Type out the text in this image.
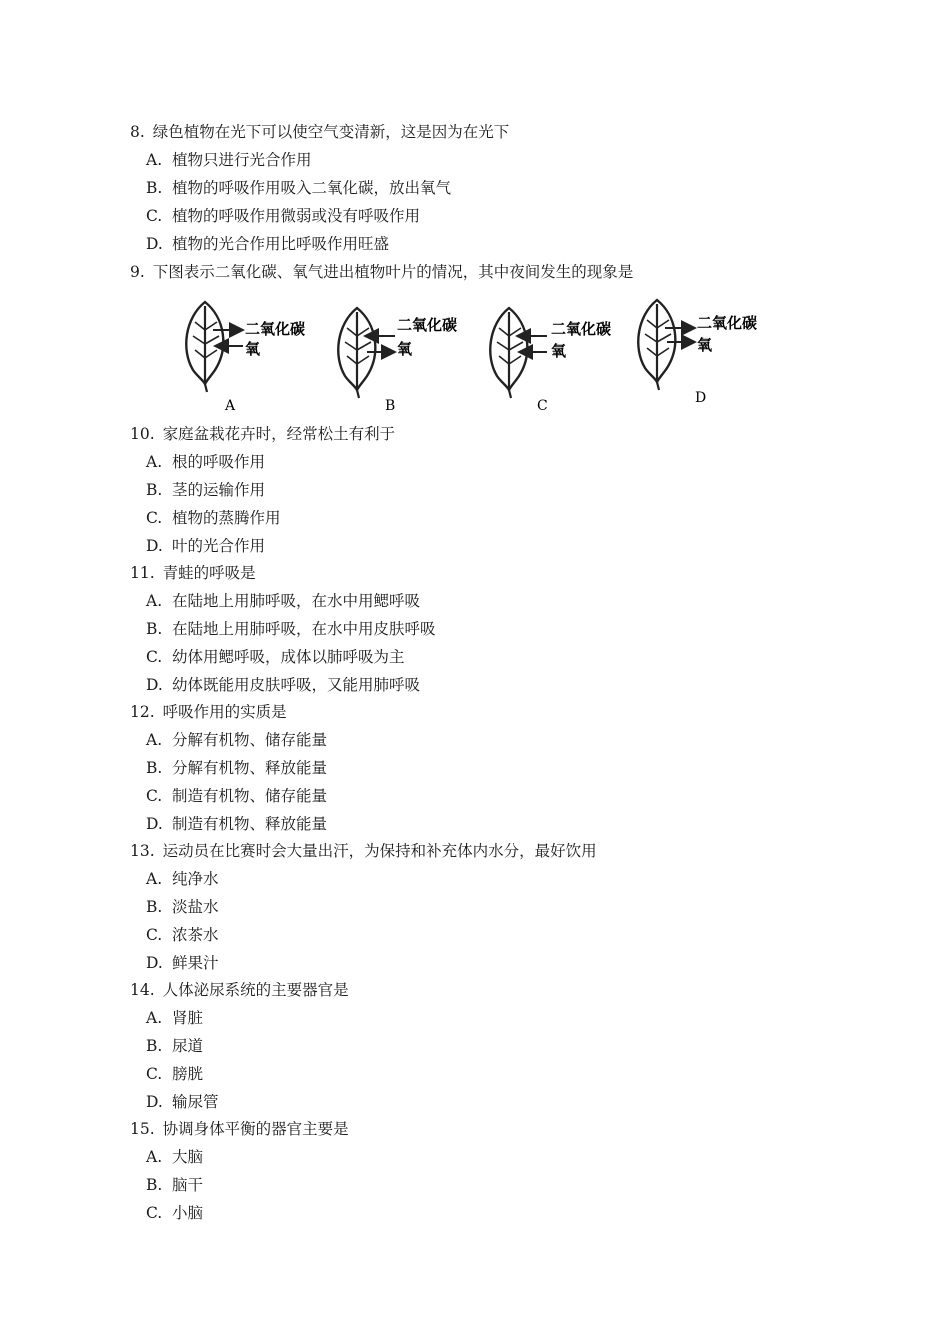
8. 绿色植物在光下可以使空气变清新，这是因为在光下
A. 植物只进行光合作用
B. 植物的呼吸作用吸入二氧化碳，放出氧气
C. 植物的呼吸作用微弱或没有呼吸作用
D. 植物的光合作用比呼吸作用旺盛
9. 下图表示二氧化碳、氧气进出植物叶片的情况，其中夜间发生的现象是
二氧化碳
氧
A
二氧化碳
氧
B
二氧化碳
氧
C
二氧化碳
氧
D
10. 家庭盆栽花卉时，经常松土有利于
A. 根的呼吸作用
B. 茎的运输作用
C. 植物的蒸腾作用
D. 叶的光合作用
11. 青蛙的呼吸是
A. 在陆地上用肺呼吸，在水中用鳃呼吸
B. 在陆地上用肺呼吸，在水中用皮肤呼吸
C. 幼体用鳃呼吸，成体以肺呼吸为主
D. 幼体既能用皮肤呼吸，又能用肺呼吸
12. 呼吸作用的实质是
A. 分解有机物、储存能量
B. 分解有机物、释放能量
C. 制造有机物、储存能量
D. 制造有机物、释放能量
13. 运动员在比赛时会大量出汗，为保持和补充体内水分，最好饮用
A. 纯净水
B. 淡盐水
C. 浓茶水
D. 鲜果汁
14. 人体泌尿系统的主要器官是
A. 肾脏
B. 尿道
C. 膀胱
D. 输尿管
15. 协调身体平衡的器官主要是
A. 大脑
B. 脑干
C. 小脑
